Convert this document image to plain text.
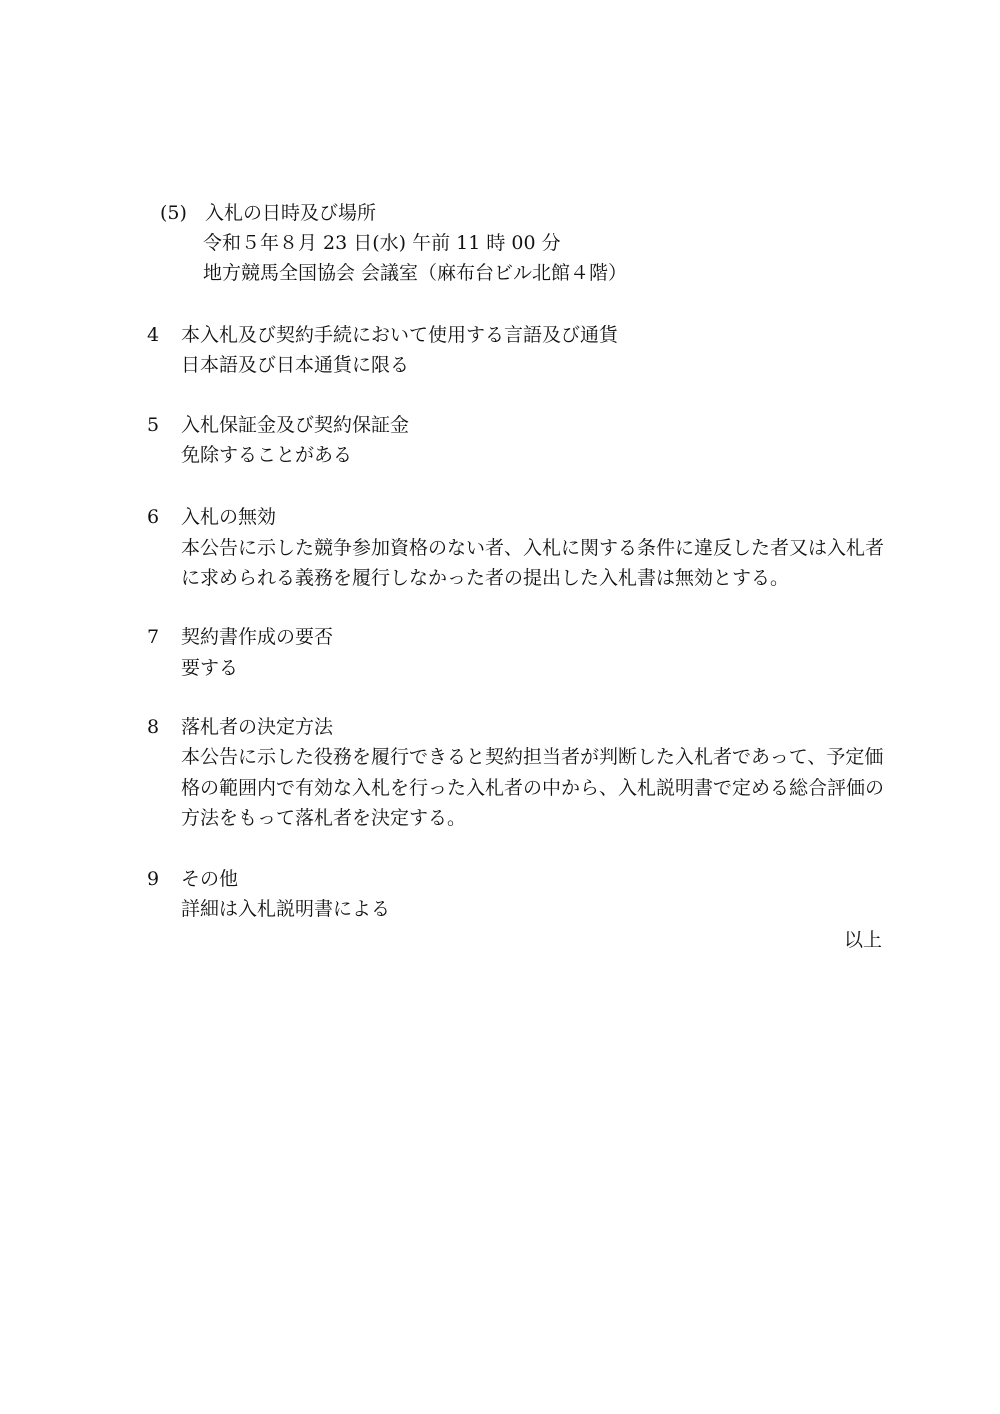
(5) 入札の日時及び場所
令和５年８月 23 日(水) 午前 11 時 00 分
地方競馬全国協会 会議室（麻布台ビル北館４階）
4 本入札及び契約手続において使用する言語及び通貨
日本語及び日本通貨に限る
5 入札保証金及び契約保証金
免除することがある
6 入札の無効
本公告に示した競争参加資格のない者、入札に関する条件に違反した者又は入札者
に求められる義務を履行しなかった者の提出した入札書は無効とする。
7 契約書作成の要否
要する
8 落札者の決定方法
本公告に示した役務を履行できると契約担当者が判断した入札者であって、予定価
格の範囲内で有効な入札を行った入札者の中から、入札説明書で定める総合評価の
方法をもって落札者を決定する。
9 その他
詳細は入札説明書による
以上
